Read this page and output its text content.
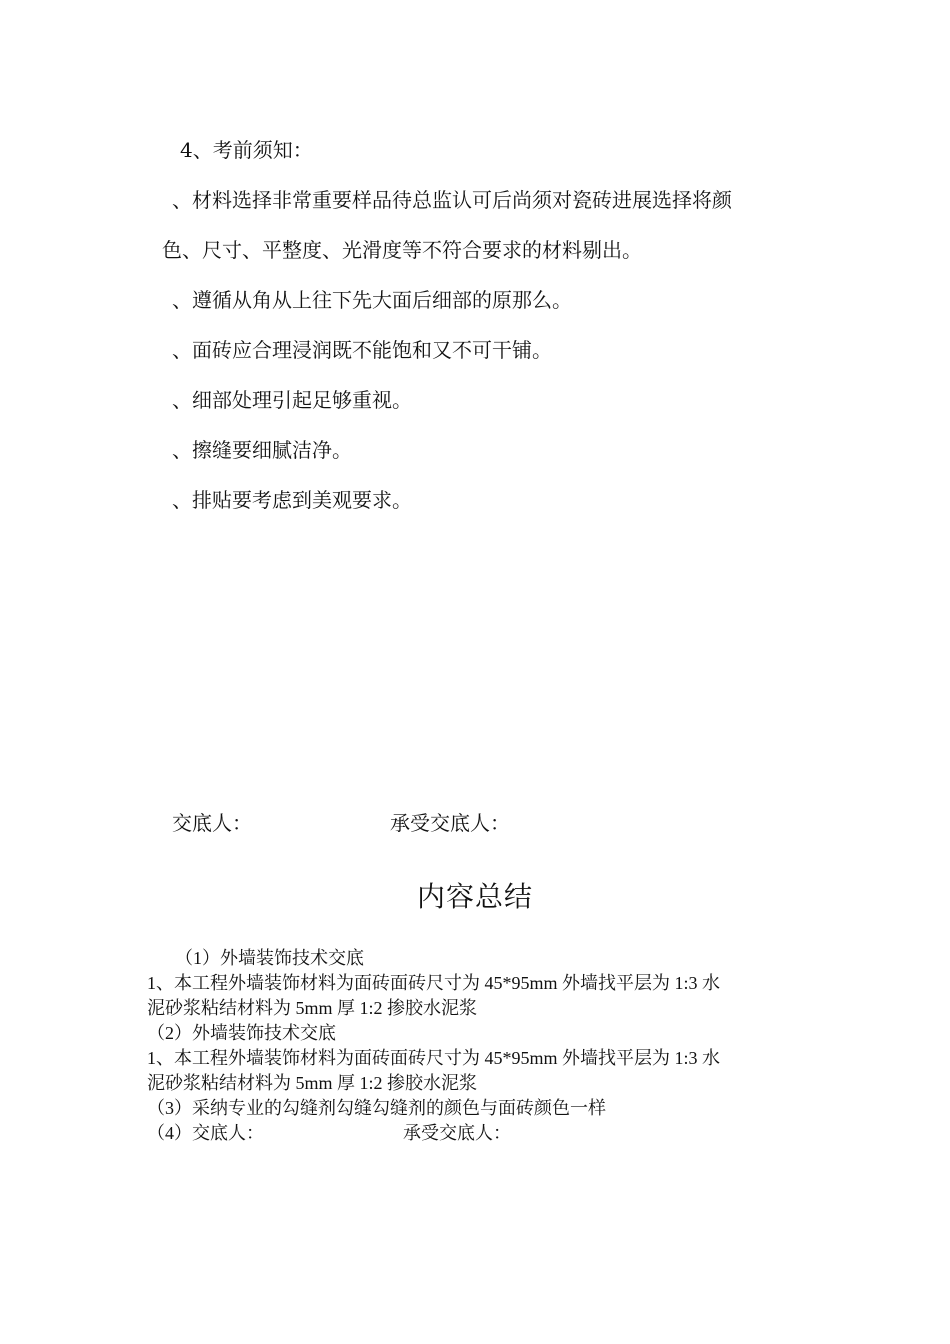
4、考前须知：
、材料选择非常重要样品待总监认可后尚须对瓷砖进展选择将颜
色、尺寸、平整度、光滑度等不符合要求的材料剔出。
、遵循从角从上往下先大面后细部的原那么。
、面砖应合理浸润既不能饱和又不可干铺。
、细部处理引起足够重视。
、擦缝要细腻洁净。
、排贴要考虑到美观要求。
交底人：	承受交底人：
内容总结
（1）外墙装饰技术交底
1、本工程外墙装饰材料为面砖面砖尺寸为 45*95mm 外墙找平层为 1:3 水
泥砂浆粘结材料为 5mm 厚 1:2 掺胶水泥浆
（2）外墙装饰技术交底
1、本工程外墙装饰材料为面砖面砖尺寸为 45*95mm 外墙找平层为 1:3 水
泥砂浆粘结材料为 5mm 厚 1:2 掺胶水泥浆
（3）采纳专业的勾缝剂勾缝勾缝剂的颜色与面砖颜色一样
（4）交底人：	承受交底人：
